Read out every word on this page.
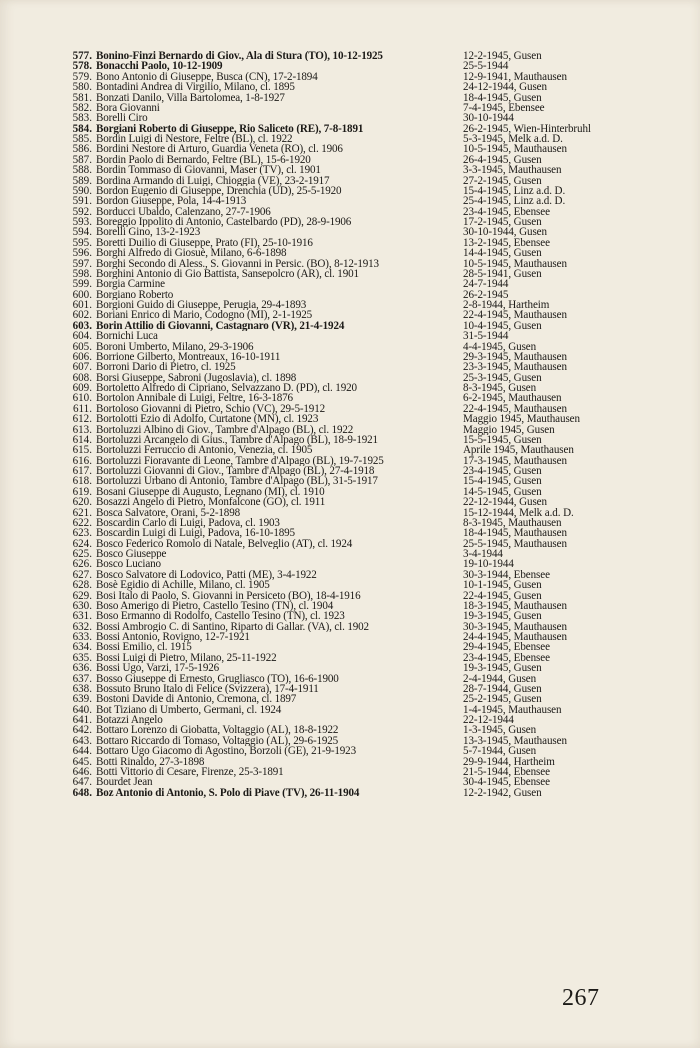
577. Bonino-Finzi Bernardo di Giov., Ala di Stura (TO), 10-12-1925	12-2-1945, Gusen
578. Bonacchi Paolo, 10-12-1909	25-5-1944
579. Bono Antonio di Giuseppe, Busca (CN), 17-2-1894	12-9-1941, Mauthausen
580. Bontadini Andrea di Virgilio, Milano, cl. 1895	24-12-1944, Gusen
581. Bonzati Danilo, Villa Bartolomea, 1-8-1927	18-4-1945, Gusen
582. Bora Giovanni	7-4-1945, Ebensee
583. Borelli Ciro	30-10-1944
584. Borgiani Roberto di Giuseppe, Rio Saliceto (RE), 7-8-1891	26-2-1945, Wien-Hinterbruhl
585. Bordin Luigi di Nestore, Feltre (BL), cl. 1922	5-3-1945, Melk a.d. D.
586. Bordini Nestore di Arturo, Guardia Veneta (RO), cl. 1906	10-5-1945, Mauthausen
587. Bordin Paolo di Bernardo, Feltre (BL), 15-6-1920	26-4-1945, Gusen
588. Bordin Tommaso di Giovanni, Maser (TV), cl. 1901	3-3-1945, Mauthausen
589. Bordina Armando di Luigi, Chioggia (VE), 23-2-1917	27-2-1945, Gusen
590. Bordon Eugenio di Giuseppe, Drenchia (UD), 25-5-1920	15-4-1945, Linz a.d. D.
591. Bordon Giuseppe, Pola, 14-4-1913	25-4-1945, Linz a.d. D.
592. Borducci Ubaldo, Calenzano, 27-7-1906	23-4-1945, Ebensee
593. Boreggio Ippolito di Antonio, Castelbardo (PD), 28-9-1906	17-2-1945, Gusen
594. Borelli Gino, 13-2-1923	30-10-1944, Gusen
595. Boretti Duilio di Giuseppe, Prato (FI), 25-10-1916	13-2-1945, Ebensee
596. Borghi Alfredo di Giosuè, Milano, 6-6-1898	14-4-1945, Gusen
597. Borghi Secondo di Aless., S. Giovanni in Persic. (BO), 8-12-1913	10-5-1945, Mauthausen
598. Borghini Antonio di Gio Battista, Sansepolcro (AR), cl. 1901	28-5-1941, Gusen
599. Borgia Carmine	24-7-1944
600. Borgiano Roberto	26-2-1945
601. Borgioni Guido di Giuseppe, Perugia, 29-4-1893	2-8-1944, Hartheim
602. Boriani Enrico di Mario, Codogno (MI), 2-1-1925	22-4-1945, Mauthausen
603. Borin Attilio di Giovanni, Castagnaro (VR), 21-4-1924	10-4-1945, Gusen
604. Bornichi Luca	31-5-1944
605. Boroni Umberto, Milano, 29-3-1906	4-4-1945, Gusen
606. Borrione Gilberto, Montreaux, 16-10-1911	29-3-1945, Mauthausen
607. Borroni Dario di Pietro, cl. 1925	23-3-1945, Mauthausen
608. Borsi Giuseppe, Sabroni (Jugoslavia), cl. 1898	25-3-1945, Gusen
609. Bortoletto Alfredo di Cipriano, Selvazzano D. (PD), cl. 1920	8-3-1945, Gusen
610. Bortolon Annibale di Luigi, Feltre, 16-3-1876	6-2-1945, Mauthausen
611. Bortoloso Giovanni di Pietro, Schio (VC), 29-5-1912	22-4-1945, Mauthausen
612. Bortolotti Ezio di Adolfo, Curtatone (MN), cl. 1923	Maggio 1945, Mauthausen
613. Bortoluzzi Albino di Giov., Tambre d'Alpago (BL), cl. 1922	Maggio 1945, Gusen
614. Bortoluzzi Arcangelo di Gius., Tambre d'Alpago (BL), 18-9-1921	15-5-1945, Gusen
615. Bortoluzzi Ferruccio di Antonio, Venezia, cl. 1905	Aprile 1945, Mauthausen
616. Bortoluzzi Fioravante di Leone, Tambre d'Alpago (BL), 19-7-1925	17-3-1945, Mauthausen
617. Bortoluzzi Giovanni di Giov., Tambre d'Alpago (BL), 27-4-1918	23-4-1945, Gusen
618. Bortoluzzi Urbano di Antonio, Tambre d'Alpago (BL), 31-5-1917	15-4-1945, Gusen
619. Bosani Giuseppe di Augusto, Legnano (MI), cl. 1910	14-5-1945, Gusen
620. Bosazzi Angelo di Pietro, Monfalcone (GO), cl. 1911	22-12-1944, Gusen
621. Bosca Salvatore, Orani, 5-2-1898	15-12-1944, Melk a.d. D.
622. Boscardin Carlo di Luigi, Padova, cl. 1903	8-3-1945, Mauthausen
623. Boscardin Luigi di Luigi, Padova, 16-10-1895	18-4-1945, Mauthausen
624. Bosco Federico Romolo di Natale, Belveglio (AT), cl. 1924	25-5-1945, Mauthausen
625. Bosco Giuseppe	3-4-1944
626. Bosco Luciano	19-10-1944
627. Bosco Salvatore di Lodovico, Patti (ME), 3-4-1922	30-3-1944, Ebensee
628. Bosè Egidio di Achille, Milano, cl. 1905	10-1-1945, Gusen
629. Bosi Italo di Paolo, S. Giovanni in Persiceto (BO), 18-4-1916	22-4-1945, Gusen
630. Boso Amerigo di Pietro, Castello Tesino (TN), cl. 1904	18-3-1945, Mauthausen
631. Boso Ermanno di Rodolfo, Castello Tesino (TN), cl. 1923	19-3-1945, Gusen
632. Bossi Ambrogio C. di Santino, Riparto di Gallar. (VA), cl. 1902	30-3-1945, Mauthausen
633. Bossi Antonio, Rovigno, 12-7-1921	24-4-1945, Mauthausen
634. Bossi Emilio, cl. 1915	29-4-1945, Ebensee
635. Bossi Luigi di Pietro, Milano, 25-11-1922	23-4-1945, Ebensee
636. Bossi Ugo, Varzi, 17-5-1926	19-3-1945, Gusen
637. Bosso Giuseppe di Ernesto, Grugliasco (TO), 16-6-1900	2-4-1944, Gusen
638. Bossuto Bruno Italo di Felice (Svizzera), 17-4-1911	28-7-1944, Gusen
639. Bostoni Davide di Antonio, Cremona, cl. 1897	25-2-1945, Gusen
640. Bot Tiziano di Umberto, Germani, cl. 1924	1-4-1945, Mauthausen
641. Botazzi Angelo	22-12-1944
642. Bottaro Lorenzo di Giobatta, Voltaggio (AL), 18-8-1922	1-3-1945, Gusen
643. Bottaro Riccardo di Tomaso, Voltaggio (AL), 29-6-1925	13-3-1945, Mauthausen
644. Bottaro Ugo Giacomo di Agostino, Borzoli (GE), 21-9-1923	5-7-1944, Gusen
645. Botti Rinaldo, 27-3-1898	29-9-1944, Hartheim
646. Botti Vittorio di Cesare, Firenze, 25-3-1891	21-5-1944, Ebensee
647. Bourdet Jean	30-4-1945, Ebensee
648. Boz Antonio di Antonio, S. Polo di Piave (TV), 26-11-1904	12-2-1942, Gusen
267
